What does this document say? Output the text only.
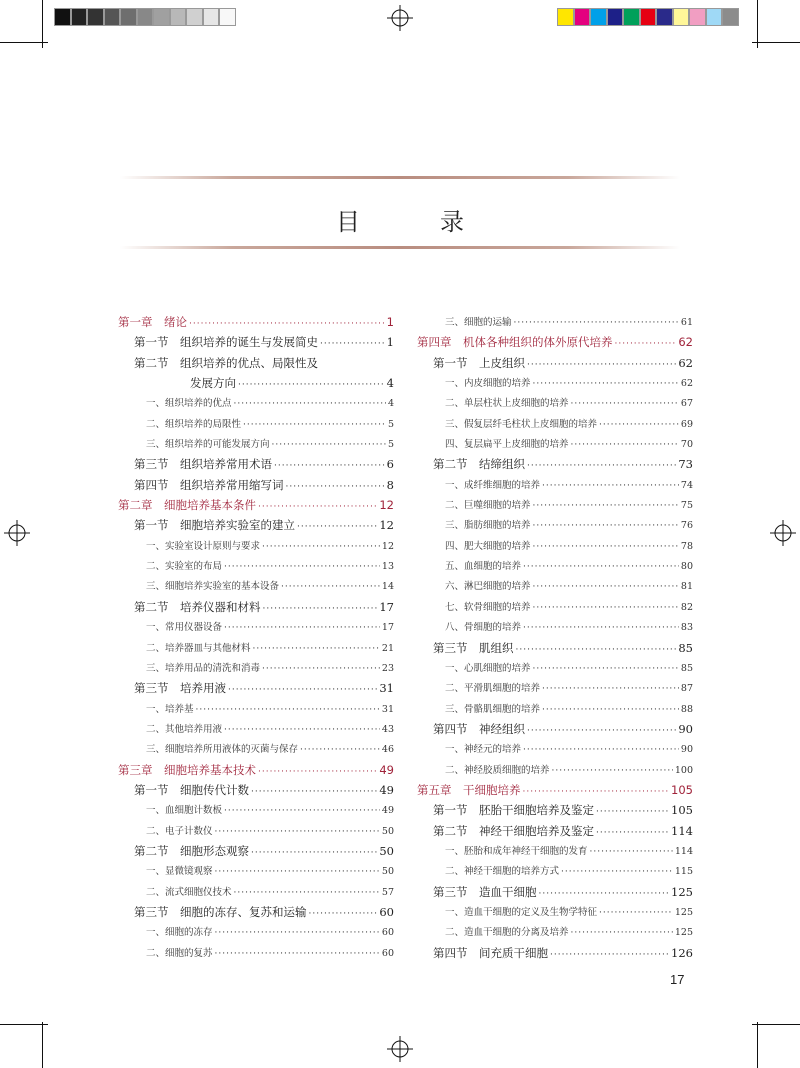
目 录
第一章　绪论 ·····	1
第一节　组织培养的诞生与发展简史 ·····	1
第二节　组织培养的优点、局限性及
发展方向 ·····	4
一、组织培养的优点 ·····	4
二、组织培养的局限性 ·····	5
三、组织培养的可能发展方向 ·····	5
第三节　组织培养常用术语 ·····	6
第四节　组织培养常用缩写词 ·····	8
第二章　细胞培养基本条件 ·····	12
第一节　细胞培养实验室的建立 ·····	12
一、实验室设计原则与要求 ·····	12
二、实验室的布局 ·····	13
三、细胞培养实验室的基本设备 ·····	14
第二节　培养仪器和材料 ·····	17
一、常用仪器设备 ·····	17
二、培养器皿与其他材料 ·····	21
三、培养用品的清洗和消毒 ·····	23
第三节　培养用液 ·····	31
一、培养基 ·····	31
二、其他培养用液 ·····	43
三、细胞培养所用液体的灭菌与保存 ·····	46
第三章　细胞培养基本技术 ·····	49
第一节　细胞传代计数 ·····	49
一、血细胞计数板 ·····	49
二、电子计数仪 ·····	50
第二节　细胞形态观察 ·····	50
一、显微镜观察 ·····	50
二、流式细胞仪技术 ·····	57
第三节　细胞的冻存、复苏和运输 ·····	60
一、细胞的冻存 ·····	60
二、细胞的复苏 ·····	60
三、细胞的运输 ·····	61
第四章　机体各种组织的体外原代培养 ·····	62
第一节　上皮组织 ·····	62
一、内皮细胞的培养 ·····	62
二、单层柱状上皮细胞的培养 ·····	67
三、假复层纤毛柱状上皮细胞的培养 ·····	69
四、复层扁平上皮细胞的培养 ·····	70
第二节　结缔组织 ·····	73
一、成纤维细胞的培养 ·····	74
二、巨噬细胞的培养 ·····	75
三、脂肪细胞的培养 ·····	76
四、肥大细胞的培养 ·····	78
五、血细胞的培养 ·····	80
六、淋巴细胞的培养 ·····	81
七、软骨细胞的培养 ·····	82
八、骨细胞的培养 ·····	83
第三节　肌组织 ·····	85
一、心肌细胞的培养 ·····	85
二、平滑肌细胞的培养 ·····	87
三、骨骼肌细胞的培养 ·····	88
第四节　神经组织 ·····	90
一、神经元的培养 ·····	90
二、神经胶质细胞的培养 ·····	100
第五章　干细胞培养 ·····	105
第一节　胚胎干细胞培养及鉴定 ·····	105
第二节　神经干细胞培养及鉴定 ·····	114
一、胚胎和成年神经干细胞的发育 ·····	114
二、神经干细胞的培养方式 ·····	115
第三节　造血干细胞 ·····	125
一、造血干细胞的定义及生物学特征 ·····	125
二、造血干细胞的分离及培养 ·····	125
第四节　间充质干细胞 ·····	126
17
